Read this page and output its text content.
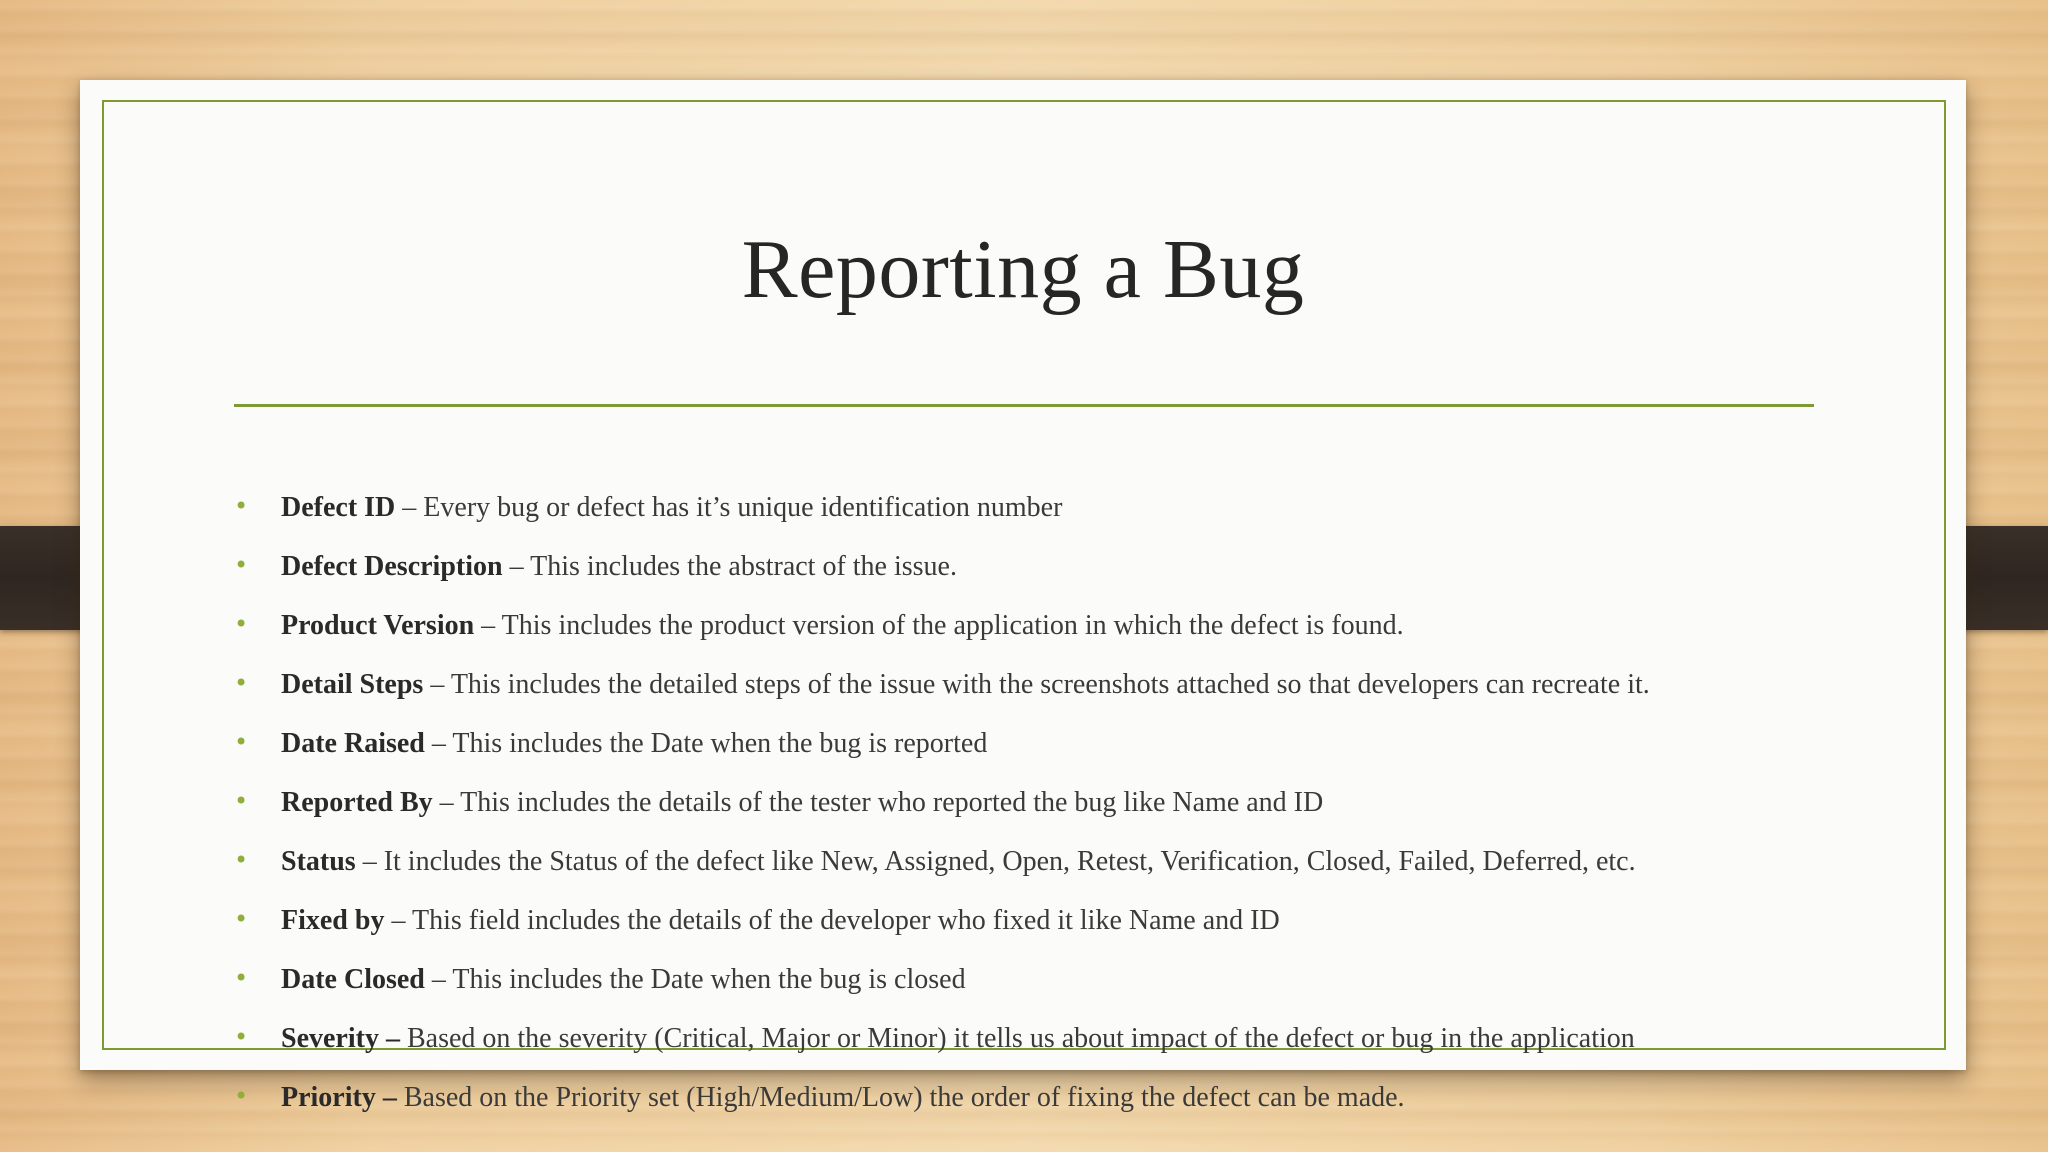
Reporting a Bug
• Defect ID – Every bug or defect has it’s unique identification number
• Defect Description – This includes the abstract of the issue.
• Product Version – This includes the product version of the application in which the defect is found.
• Detail Steps – This includes the detailed steps of the issue with the screenshots attached so that developers can recreate it.
• Date Raised – This includes the Date when the bug is reported
• Reported By – This includes the details of the tester who reported the bug like Name and ID
• Status – It includes the Status of the defect like New, Assigned, Open, Retest, Verification, Closed, Failed, Deferred, etc.
• Fixed by – This field includes the details of the developer who fixed it like Name and ID
• Date Closed – This includes the Date when the bug is closed
• Severity – Based on the severity (Critical, Major or Minor) it tells us about impact of the defect or bug in the application
• Priority – Based on the Priority set (High/Medium/Low) the order of fixing the defect can be made.
